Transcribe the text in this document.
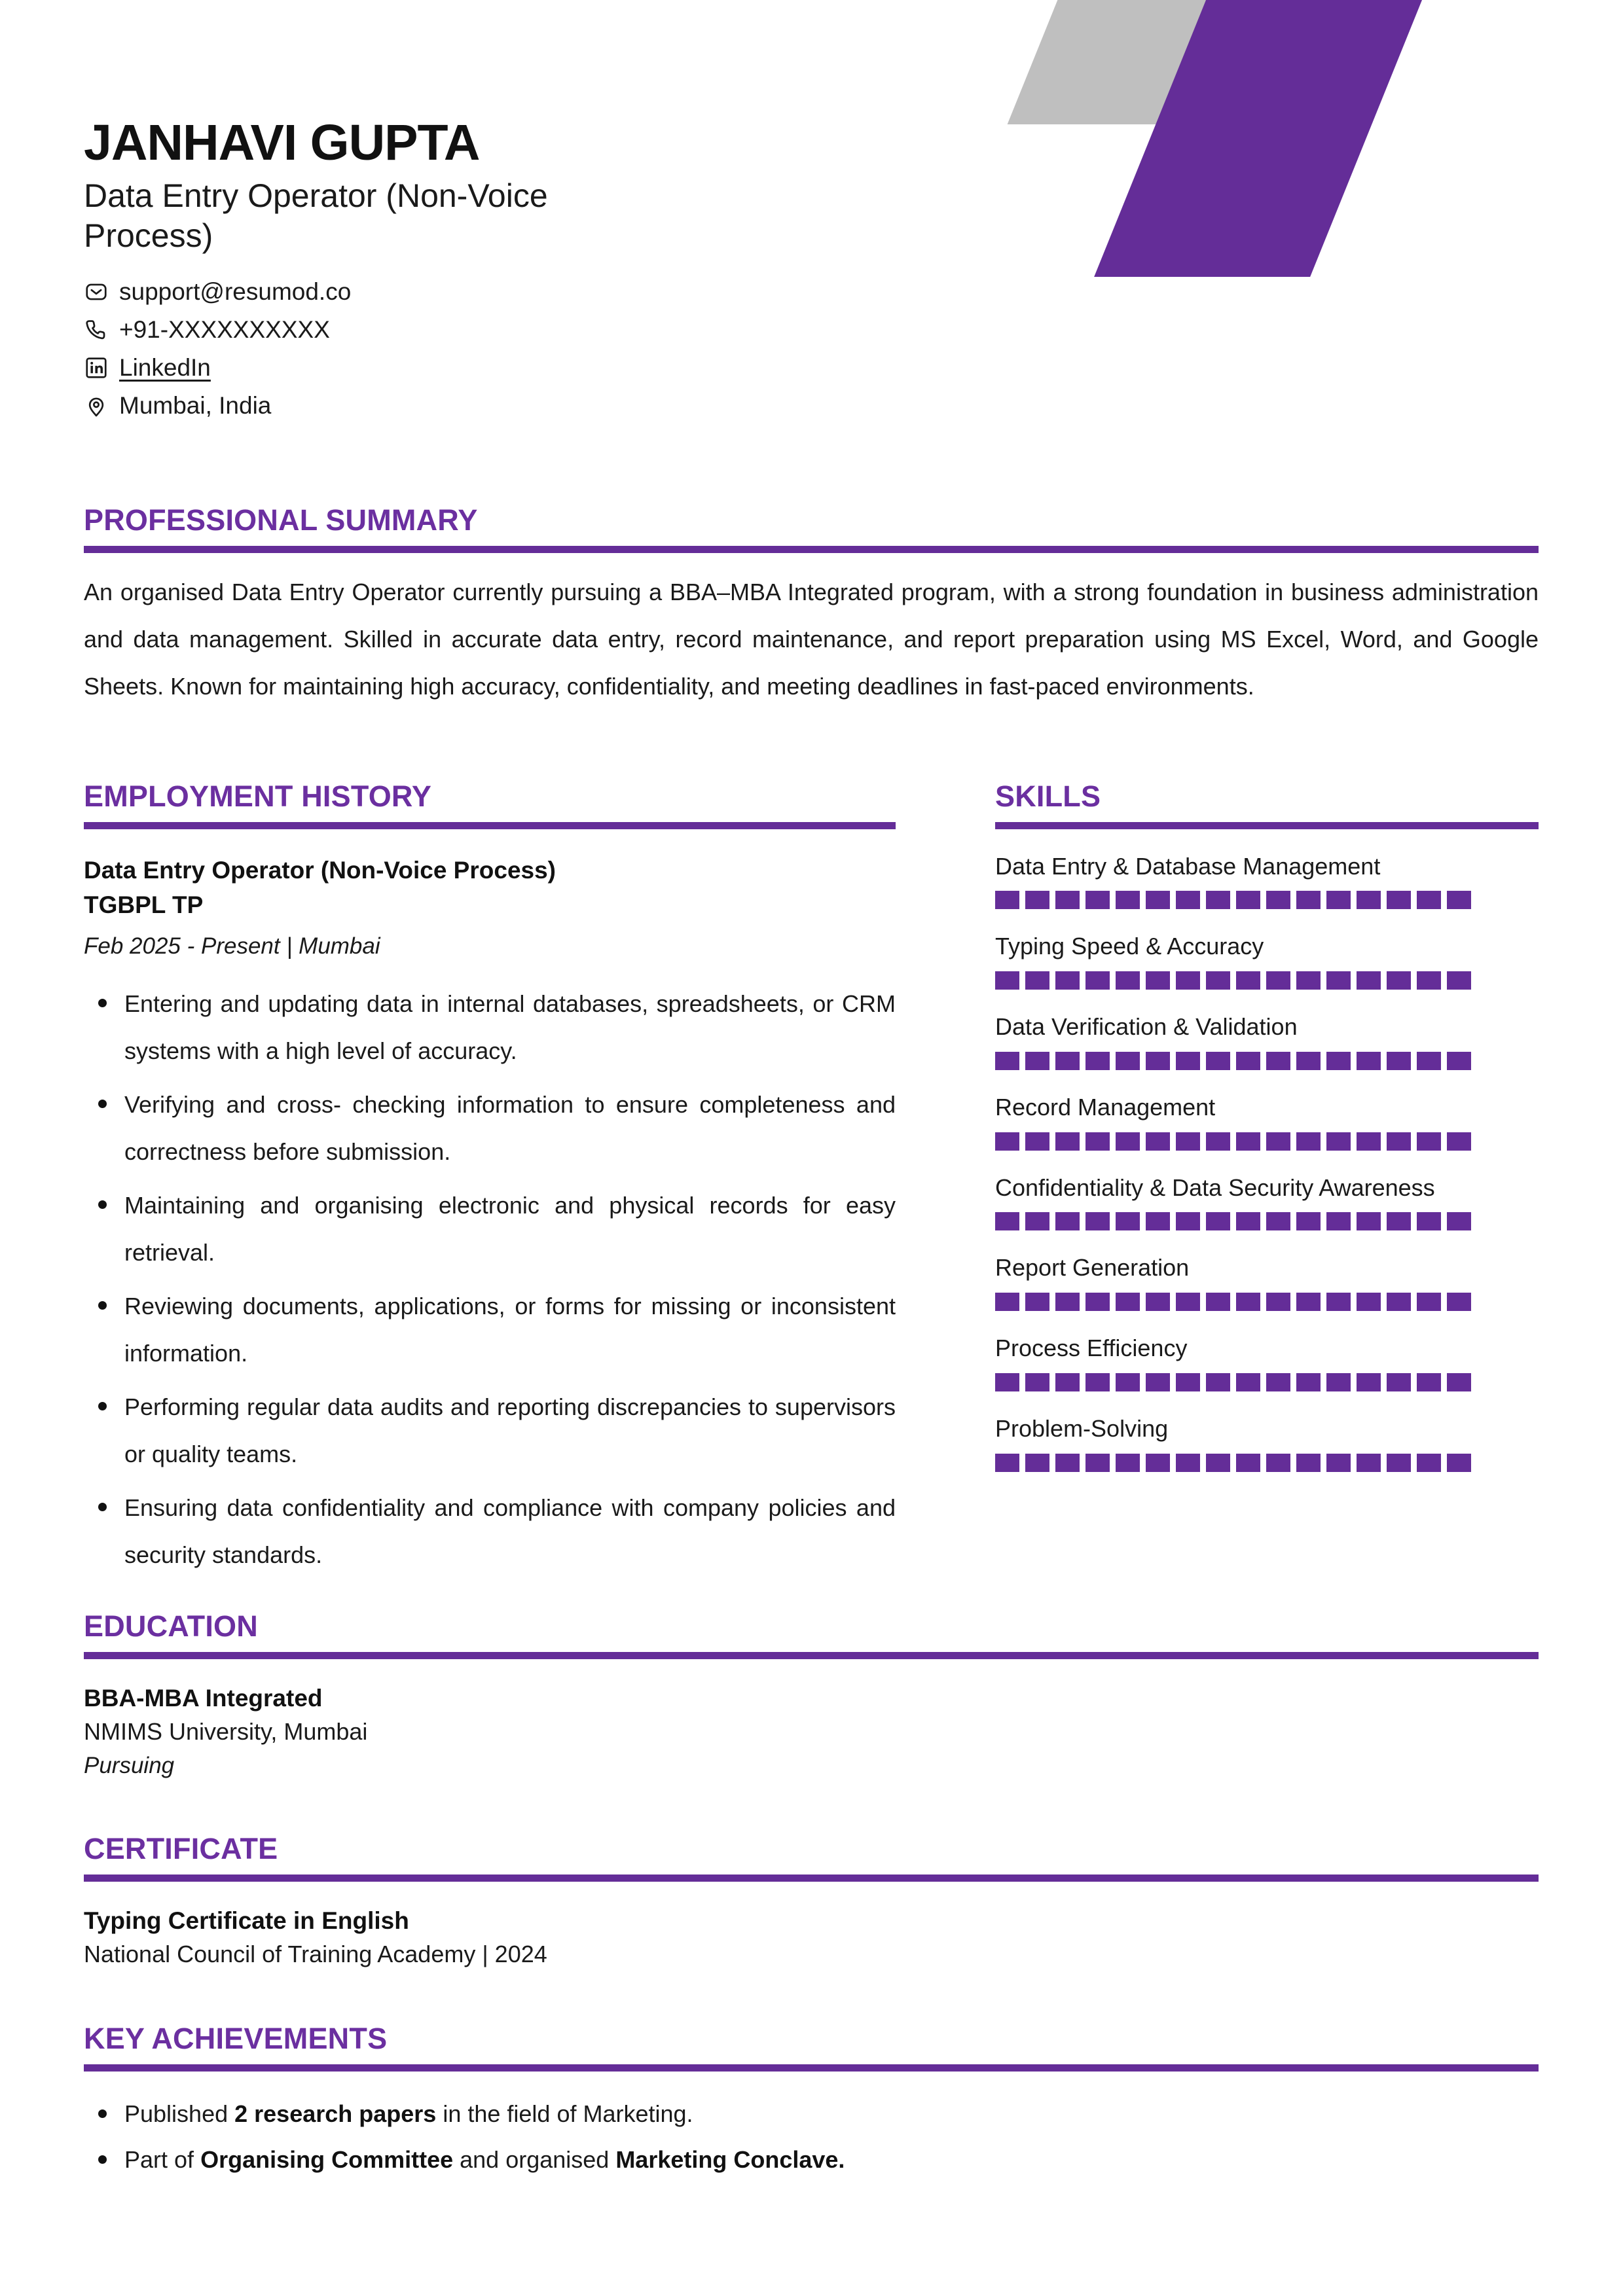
JANHAVI GUPTA
Data Entry Operator (Non-Voice Process)
support@resumod.co
+91-XXXXXXXXXX
LinkedIn
Mumbai, India
PROFESSIONAL SUMMARY

An organised Data Entry Operator currently pursuing a BBA–MBA Integrated program, with a strong foundation in business administration and data management. Skilled in accurate data entry, record maintenance, and report preparation using MS Excel, Word, and Google Sheets. Known for maintaining high accuracy, confidentiality, and meeting deadlines in fast-paced environments.

EMPLOYMENT HISTORY
Data Entry Operator (Non-Voice Process)
TGBPL TP
Feb 2025 - Present | Mumbai
Entering and updating data in internal databases, spreadsheets, or CRM systems with a high level of accuracy.
Verifying and cross- checking information to ensure completeness and correctness before submission.
Maintaining and organising electronic and physical records for easy retrieval.
Reviewing documents, applications, or forms for missing or inconsistent information.
Performing regular data audits and reporting discrepancies to supervisors or quality teams.
Ensuring data confidentiality and compliance with company policies and security standards.
SKILLS
Data Entry & Database Management
Typing Speed & Accuracy
Data Verification & Validation
Record Management
Confidentiality & Data Security Awareness
Report Generation
Process Efficiency
Problem-Solving
EDUCATION
BBA-MBA Integrated
NMIMS University, Mumbai
Pursuing
CERTIFICATE
Typing Certificate in English
National Council of Training Academy | 2024
KEY ACHIEVEMENTS
Published 2 research papers in the field of Marketing.
Part of Organising Committee and organised Marketing Conclave.
